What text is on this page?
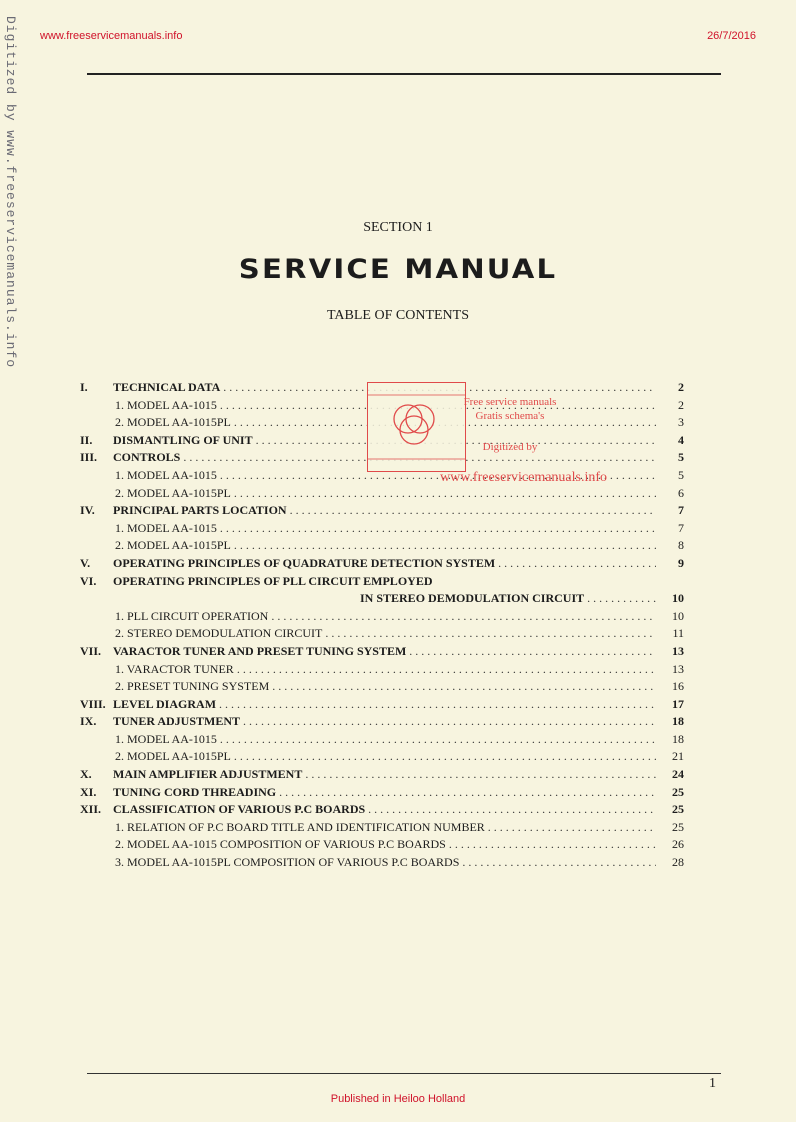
www.freeservicemanuals.info	26/7/2016
Digitized by www.freeservicemanuals.info
	SECTION 1
SERVICE MANUAL
TABLE OF CONTENTS
I.	TECHNICAL DATA .....	2
1. MODEL AA-1015 .....	2
2. MODEL AA-1015PL .....	3
II.	DISMANTLING OF UNIT .....	4
III.	CONTROLS .....	5
1. MODEL AA-1015 .....	5
2. MODEL AA-1015PL .....	6
IV.	PRINCIPAL PARTS LOCATION .....	7
1. MODEL AA-1015 .....	7
2. MODEL AA-1015PL .....	8
V.	OPERATING PRINCIPLES OF QUADRATURE DETECTION SYSTEM .....	9
VI.	OPERATING PRINCIPLES OF PLL CIRCUIT EMPLOYED
IN STEREO DEMODULATION CIRCUIT .....	10
1. PLL CIRCUIT OPERATION .....	10
2. STEREO DEMODULATION CIRCUIT .....	11
VII. VARACTOR TUNER AND PRESET TUNING SYSTEM .....	13
1. VARACTOR TUNER .....	13
2. PRESET TUNING SYSTEM .....	16
VIII. LEVEL DIAGRAM .....	17
IX.	TUNER ADJUSTMENT .....	18
1. MODEL AA-1015 .....	18
2. MODEL AA-1015PL .....	21
X.	MAIN AMPLIFIER ADJUSTMENT .....	24
XI.	TUNING CORD THREADING .....	25
XII. CLASSIFICATION OF VARIOUS P.C BOARDS .....	25
1. RELATION OF P.C BOARD TITLE AND IDENTIFICATION NUMBER .....	25
2. MODEL AA-1015 COMPOSITION OF VARIOUS P.C BOARDS .....	26
3. MODEL AA-1015PL COMPOSITION OF VARIOUS P.C BOARDS .....	28
Free service manuals
Gratis schema's
Digitized by
www.freeservicemanuals.info
1
Published in Heiloo Holland
